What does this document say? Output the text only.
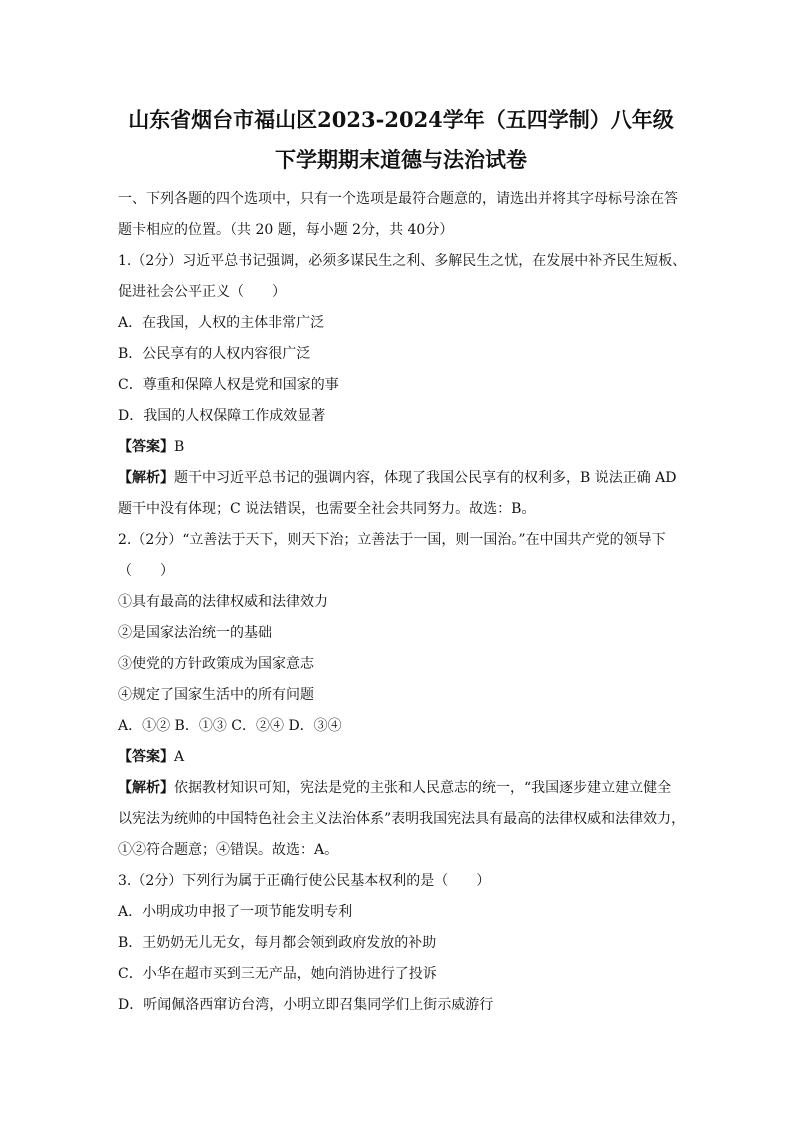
山东省烟台市福山区2023-2024学年（五四学制）八年级
下学期期末道德与法治试卷
一、下列各题的四个选项中，只有一个选项是最符合题意的，请选出并将其字母标号涂在答
题卡相应的位置。（共 20 题，每小题 2分，共 40分）
1.（2分）习近平总书记强调，必须多谋民生之利、多解民生之忧，在发展中补齐民生短板、
促进社会公平正义（　　）
A．在我国，人权的主体非常广泛
B．公民享有的人权内容很广泛
C．尊重和保障人权是党和国家的事
D．我国的人权保障工作成效显著
【答案】B
【解析】题干中习近平总书记的强调内容，体现了我国公民享有的权利多，B 说法正确 AD
题干中没有体现；C 说法错误，也需要全社会共同努力。故选：B。
2.（2分）“立善法于天下，则天下治；立善法于一国，则一国治。”在中国共产党的领导下
（　　）
①具有最高的法律权威和法律效力
②是国家法治统一的基础
③使党的方针政策成为国家意志
④规定了国家生活中的所有问题
A．①② B．①③ C．②④ D．③④
【答案】A
【解析】依据教材知识可知，宪法是党的主张和人民意志的统一，“我国逐步建立建立健全
以宪法为统帅的中国特色社会主义法治体系”表明我国宪法具有最高的法律权威和法律效力，
①②符合题意；④错误。故选：A。
3.（2分）下列行为属于正确行使公民基本权利的是（　　）
A．小明成功申报了一项节能发明专利
B．王奶奶无儿无女，每月都会领到政府发放的补助
C．小华在超市买到三无产品，她向消协进行了投诉
D．听闻佩洛西窜访台湾，小明立即召集同学们上街示威游行
